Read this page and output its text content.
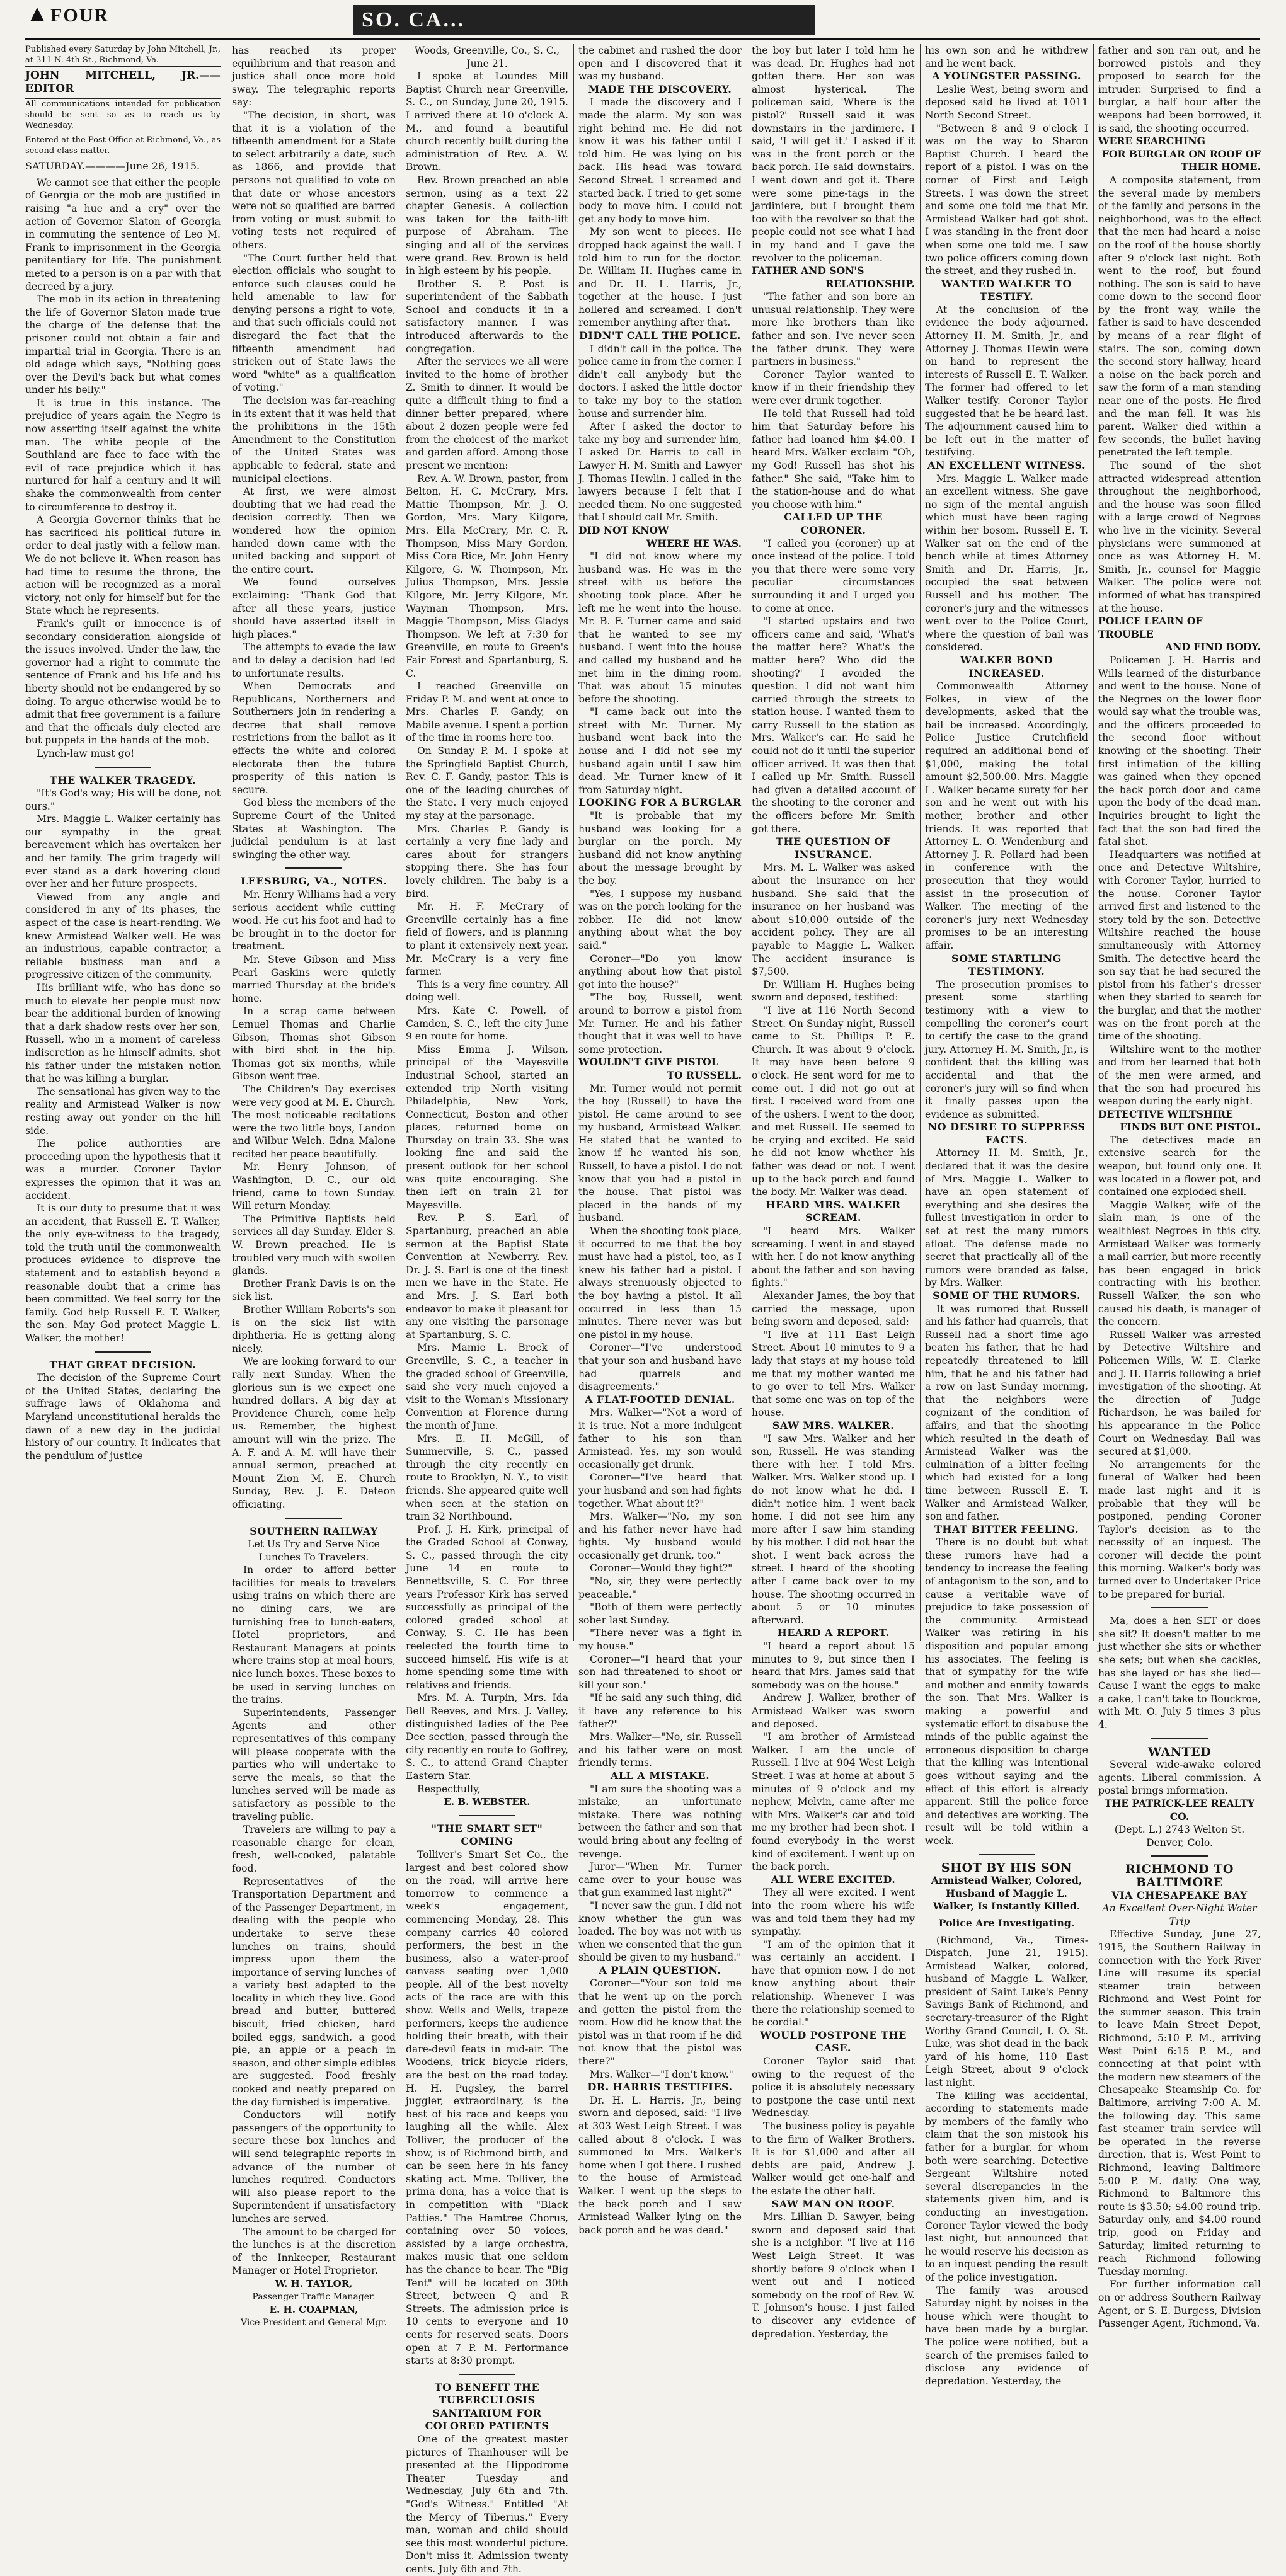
FOUR	SO. CA...

Published every Saturday by John Mitchell, Jr., at 311 N. 4th St., Richmond, Va.

JOHN MITCHELL, JR.——EDITOR

All communications intended for publication should be sent so as to reach us by Wednesday.

Entered at the Post Office at Richmond, Va., as second-class matter.

SATURDAY.————June 26, 1915.

We cannot see that either the people of Georgia or the mob are justified in raising "a hue and a cry" over the action of Governor Slaton of Georgia in commuting the sentence of Leo M. Frank to imprisonment in the Georgia penitentiary for life. The punishment meted to a person is on a par with that decreed by a jury.

The mob in its action in threatening the life of Governor Slaton made true the charge of the defense that the prisoner could not obtain a fair and impartial trial in Georgia. There is an old adage which says, "Nothing goes over the Devil's back but what comes under his belly."

It is true in this instance. The prejudice of years again the Negro is now asserting itself against the white man. The white people of the Southland are face to face with the evil of race prejudice which it has nurtured for half a century and it will shake the commonwealth from center to circumference to destroy it.

A Georgia Governor thinks that he has sacrificed his political future in order to deal justly with a fellow man. We do not believe it. When reason has had time to resume the throne, the action will be recognized as a moral victory, not only for himself but for the State which he represents.

Frank's guilt or innocence is of secondary consideration alongside of the issues involved. Under the law, the governor had a right to commute the sentence of Frank and his life and his liberty should not be endangered by so doing. To argue otherwise would be to admit that free government is a failure and that the officials duly elected are but puppets in the hands of the mob.

Lynch-law must go!

THE WALKER TRAGEDY.

"It's God's way; His will be done, not ours."

Mrs. Maggie L. Walker certainly has our sympathy in the great bereavement which has overtaken her and her family. The grim tragedy will ever stand as a dark hovering cloud over her and her future prospects.

Viewed from any angle and considered in any of its phases, the aspect of the case is heart-rending. We knew Armistead Walker well. He was an industrious, capable contractor, a reliable business man and a progressive citizen of the community.

His brilliant wife, who has done so much to elevate her people must now bear the additional burden of knowing that a dark shadow rests over her son, Russell, who in a moment of careless indiscretion as he himself admits, shot his father under the mistaken notion that he was killing a burglar.

The sensational has given way to the reality and Armistead Walker is now resting away out yonder on the hill side.

The police authorities are proceeding upon the hypothesis that it was a murder. Coroner Taylor expresses the opinion that it was an accident.

It is our duty to presume that it was an accident, that Russell E. T. Walker, the only eye-witness to the tragedy, told the truth until the commonwealth produces evidence to disprove the statement and to establish beyond a reasonable doubt that a crime has been committed. We feel sorry for the family. God help Russell E. T. Walker, the son. May God protect Maggie L. Walker, the mother!

THAT GREAT DECISION.

The decision of the Supreme Court of the United States, declaring the suffrage laws of Oklahoma and Maryland unconstitutional heralds the dawn of a new day in the judicial history of our country. It indicates that the pendulum of justice

has reached its proper equilibrium and that reason and justice shall once more hold sway. The telegraphic reports say:

"The decision, in short, was that it is a violation of the fifteenth amendment for a State to select arbitrarily a date, such as 1866, and provide that persons not qualified to vote on that date or whose ancestors were not so qualified are barred from voting or must submit to voting tests not required of others.

"The Court further held that election officials who sought to enforce such clauses could be held amenable to law for denying persons a right to vote, and that such officials could not disregard the fact that the fifteenth amendment had stricken out of State laws the word "white" as a qualification of voting."

The decision was far-reaching in its extent that it was held that the prohibitions in the 15th Amendment to the Constitution of the United States was applicable to federal, state and municipal elections.

At first, we were almost doubting that we had read the decision correctly. Then we wondered how the opinion handed down came with the united backing and support of the entire court.

We found ourselves exclaiming: "Thank God that after all these years, justice should have asserted itself in high places."

The attempts to evade the law and to delay a decision had led to unfortunate results.

When Democrats and Republicans, Northerners and Southerners join in rendering a decree that shall remove restrictions from the ballot as it effects the white and colored electorate then the future prosperity of this nation is secure.

God bless the members of the Supreme Court of the United States at Washington. The judicial pendulum is at last swinging the other way.

LEESBURG, VA., NOTES.

Mr. Henry Williams had a very serious accident while cutting wood. He cut his foot and had to be brought in to the doctor for treatment.

Mr. Steve Gibson and Miss Pearl Gaskins were quietly married Thursday at the bride's home.

In a scrap came between Lemuel Thomas and Charlie Gibson, Thomas shot Gibson with bird shot in the hip. Thomas got six months, while Gibson went free.

The Children's Day exercises were very good at M. E. Church. The most noticeable recitations were the two little boys, Landon and Wilbur Welch. Edna Malone recited her peace beautifully.

Mr. Henry Johnson, of Washington, D. C., our old friend, came to town Sunday. Will return Monday.

The Primitive Baptists held services all day Sunday. Elder S. W. Brown preached. He is troubled very much with swollen glands.

Brother Frank Davis is on the sick list.

Brother William Roberts's son is on the sick list with diphtheria. He is getting along nicely.

We are looking forward to our rally next Sunday. When the glorious sun is we expect one hundred dollars. A big day at Providence Church, come help us. Remember, the highest amount will win the prize. The A. F. and A. M. will have their annual sermon, preached at Mount Zion M. E. Church Sunday, Rev. J. E. Deteon officiating.

SOUTHERN RAILWAY

Let Us Try and Serve Nice Lunches To Travelers.

In order to afford better facilities for meals to travelers using trains on which there are no dining cars, we are furnishing free to lunch-eaters, Hotel proprietors, and Restaurant Managers at points where trains stop at meal hours, nice lunch boxes. These boxes to be used in serving lunches on the trains.

Superintendents, Passenger Agents and other representatives of this company will please cooperate with the parties who will undertake to serve the meals, so that the lunches served will be made as satisfactory as possible to the traveling public.

Travelers are willing to pay a reasonable charge for clean, fresh, well-cooked, palatable food.

Representatives of the Transportation Department and of the Passenger Department, in dealing with the people who undertake to serve these lunches on trains, should impress upon them the importance of serving lunches of a variety best adapted to the locality in which they live. Good bread and butter, buttered biscuit, fried chicken, hard boiled eggs, sandwich, a good pie, an apple or a peach in season, and other simple edibles are suggested. Food freshly cooked and neatly prepared on the day furnished is imperative.

Conductors will notify passengers of the opportunity to secure these box lunches and will send telegraphic reports in advance of the number of lunches required. Conductors will also please report to the Superintendent if unsatisfactory lunches are served.

The amount to be charged for the lunches is at the discretion of the Innkeeper, Restaurant Manager or Hotel Proprietor.

W. H. TAYLOR,

Passenger Traffic Manager.

E. H. COAPMAN,

Vice-President and General Mgr.

Woods, Greenville, Co., S. C., June 21.

I spoke at Loundes Mill Baptist Church near Greenville, S. C., on Sunday, June 20, 1915. I arrived there at 10 o'clock A. M., and found a beautiful church recently built during the administration of Rev. A. W. Brown.

Rev. Brown preached an able sermon, using as a text 22 chapter Genesis. A collection was taken for the faith-lift purpose of Abraham. The singing and all of the services were grand. Rev. Brown is held in high esteem by his people.

Brother S. P. Post is superintendent of the Sabbath School and conducts it in a satisfactory manner. I was introduced afterwards to the congregation.

After the services we all were invited to the home of brother Z. Smith to dinner. It would be quite a difficult thing to find a dinner better prepared, where about 2 dozen people were fed from the choicest of the market and garden afford. Among those present we mention:

Rev. A. W. Brown, pastor, from Belton, H. C. McCrary, Mrs. Mattie Thompson, Mr. J. O. Gordon, Mrs. Mary Kilgore, Mrs. Ella McCrary, Mr. C. R. Thompson, Miss Mary Gordon, Miss Cora Rice, Mr. John Henry Kilgore, G. W. Thompson, Mr. Julius Thompson, Mrs. Jessie Kilgore, Mr. Jerry Kilgore, Mr. Wayman Thompson, Mrs. Maggie Thompson, Miss Gladys Thompson. We left at 7:30 for Greenville, en route to Green's Fair Forest and Spartanburg, S. C.

I reached Greenville on Friday P. M. and went at once to Mrs. Charles F. Gandy, on Mabile avenue. I spent a portion of the time in rooms here too.

On Sunday P. M. I spoke at the Springfield Baptist Church, Rev. C. F. Gandy, pastor. This is one of the leading churches of the State. I very much enjoyed my stay at the parsonage.

Mrs. Charles P. Gandy is certainly a very fine lady and cares about for strangers stopping there. She has four lovely children. The baby is a bird.

Mr. H. F. McCrary of Greenville certainly has a fine field of flowers, and is planning to plant it extensively next year. Mr. McCrary is a very fine farmer.

This is a very fine country. All doing well.

Mrs. Kate C. Powell, of Camden, S. C., left the city June 9 en route for home.

Miss Emma J. Wilson, principal of the Mayesville Industrial School, started an extended trip North visiting Philadelphia, New York, Connecticut, Boston and other places, returned home on Thursday on train 33. She was looking fine and said the present outlook for her school was quite encouraging. She then left on train 21 for Mayesville.

Rev. P. S. Earl, of Spartanburg, preached an able sermon at the Baptist State Convention at Newberry. Rev. Dr. J. S. Earl is one of the finest men we have in the State. He and Mrs. J. S. Earl both endeavor to make it pleasant for any one visiting the parsonage at Spartanburg, S. C.

Mrs. Mamie L. Brock of Greenville, S. C., a teacher in the graded school of Greenville, said she very much enjoyed a visit to the Woman's Missionary Convention at Florence during the month of June.

Mrs. E. H. McGill, of Summerville, S. C., passed through the city recently en route to Brooklyn, N. Y., to visit friends. She appeared quite well when seen at the station on train 32 Northbound.

Prof. J. H. Kirk, principal of the Graded School at Conway, S. C., passed through the city June 14 en route to Bennettsville, S. C. For three years Professor Kirk has served successfully as principal of the colored graded school at Conway, S. C. He has been reelected the fourth time to succeed himself. His wife is at home spending some time with relatives and friends.

Mrs. M. A. Turpin, Mrs. Ida Bell Reeves, and Mrs. J. Valley, distinguished ladies of the Pee Dee section, passed through the city recently en route to Goffrey, S. C., to attend Grand Chapter Eastern Star.

Respectfully,

E. B. WEBSTER.

"THE SMART SET" COMING

Tolliver's Smart Set Co., the largest and best colored show on the road, will arrive here tomorrow to commence a week's engagement, commencing Monday, 28. This company carries 40 colored performers, the best in the business, also a water-proof canvass seating over 1,000 people. All of the best novelty acts of the race are with this show. Wells and Wells, trapeze performers, keeps the audience holding their breath, with their dare-devil feats in mid-air. The Woodens, trick bicycle riders, are the best on the road today. H. H. Pugsley, the barrel juggler, extraordinary, is the best of his race and keeps you laughing all the while. Alex Tolliver, the producer of the show, is of Richmond birth, and can be seen here in his fancy skating act. Mme. Tolliver, the prima dona, has a voice that is in competition with "Black Patties." The Hamtree Chorus, containing over 50 voices, assisted by a large orchestra, makes music that one seldom has the chance to hear. The "Big Tent" will be located on 30th Street, between Q and R Streets. The admission price is 10 cents to everyone and 10 cents for reserved seats. Doors open at 7 P. M. Performance starts at 8:30 prompt.

TO BENEFIT THE TUBERCULOSIS SANITARIUM FOR COLORED PATIENTS

One of the greatest master pictures of Thanhouser will be presented at the Hippodrome Theater Tuesday and Wednesday, July 6th and 7th. "God's Witness." Entitled "At the Mercy of Tiberius." Every man, woman and child should see this most wonderful picture. Don't miss it. Admission twenty cents. July 6th and 7th.

the cabinet and rushed the door open and I discovered that it was my husband.

MADE THE DISCOVERY.

I made the discovery and I made the alarm. My son was right behind me. He did not know it was his father until I told him. He was lying on his back. His head was toward Second Street. I screamed and started back. I tried to get some body to move him. I could not get any body to move him.

My son went to pieces. He dropped back against the wall. I told him to run for the doctor. Dr. William H. Hughes came in and Dr. H. L. Harris, Jr., together at the house. I just hollered and screamed. I don't remember anything after that.

DIDN'T CALL THE POLICE.

I didn't call in the police. The police came in from the corner. I didn't call anybody but the doctors. I asked the little doctor to take my boy to the station house and surrender him.

After I asked the doctor to take my boy and surrender him, I asked Dr. Harris to call in Lawyer H. M. Smith and Lawyer J. Thomas Hewlin. I called in the lawyers because I felt that I needed them. No one suggested that I should call Mr. Smith.

DID NOT KNOW

WHERE HE WAS.

"I did not know where my husband was. He was in the street with us before the shooting took place. After he left me he went into the house. Mr. B. F. Turner came and said that he wanted to see my husband. I went into the house and called my husband and he met him in the dining room. That was about 15 minutes before the shooting.

"I came back out into the street with Mr. Turner. My husband went back into the house and I did not see my husband again until I saw him dead. Mr. Turner knew of it from Saturday night.

LOOKING FOR A BURGLAR

"It is probable that my husband was looking for a burglar on the porch. My husband did not know anything about the message brought by the boy.

"Yes, I suppose my husband was on the porch looking for the robber. He did not know anything about what the boy said."

Coroner—"Do you know anything about how that pistol got into the house?"

"The boy, Russell, went around to borrow a pistol from Mr. Turner. He and his father thought that it was well to have some protection.

WOULDN'T GIVE PISTOL

TO RUSSELL.

Mr. Turner would not permit the boy (Russell) to have the pistol. He came around to see my husband, Armistead Walker. He stated that he wanted to know if he wanted his son, Russell, to have a pistol. I do not know that you had a pistol in the house. That pistol was placed in the hands of my husband.

When the shooting took place, it occurred to me that the boy must have had a pistol, too, as I knew his father had a pistol. I always strenuously objected to the boy having a pistol. It all occurred in less than 15 minutes. There never was but one pistol in my house.

Coroner—"I've understood that your son and husband have had quarrels and disagreements."

A FLAT-FOOTED DENIAL.

Mrs. Walker—"Not a word of it is true. Not a more indulgent father to his son than Armistead. Yes, my son would occasionally get drunk.

Coroner—"I've heard that your husband and son had fights together. What about it?"

Mrs. Walker—"No, my son and his father never have had fights. My husband would occasionally get drunk, too."

Coroner—Would they fight?"

"No, sir, they were perfectly peaceable."

"Both of them were perfectly sober last Sunday.

"There never was a fight in my house."

Coroner—"I heard that your son had threatened to shoot or kill your son."

"If he said any such thing, did it have any reference to his father?"

Mrs. Walker—"No, sir. Russell and his father were on most friendly terms.

ALL A MISTAKE.

"I am sure the shooting was a mistake, an unfortunate mistake. There was nothing between the father and son that would bring about any feeling of revenge.

Juror—"When Mr. Turner came over to your house was that gun examined last night?"

"I never saw the gun. I did not know whether the gun was loaded. The boy was not with us when we consented that the gun should be given to my husband."

A PLAIN QUESTION.

Coroner—"Your son told me that he went up on the porch and gotten the pistol from the room. How did he know that the pistol was in that room if he did not know that the pistol was there?"

Mrs. Walker—"I don't know."

DR. HARRIS TESTIFIES.

Dr. H. L. Harris, Jr., being sworn and deposed, said: "I live at 303 West Leigh Street. I was called about 8 o'clock. I was summoned to Mrs. Walker's home when I got there. I rushed to the house of Armistead Walker. I went up the steps to the back porch and I saw Armistead Walker lying on the back porch and he was dead."

the boy but later I told him he was dead. Dr. Hughes had not gotten there. Her son was almost hysterical. The policeman said, 'Where is the pistol?' Russell said it was downstairs in the jardiniere. I said, 'I will get it.' I asked if it was in the front porch or the back porch. He said downstairs. I went down and got it. There were some pine-tags in the jardiniere, but I brought them too with the revolver so that the people could not see what I had in my hand and I gave the revolver to the policeman.

FATHER AND SON'S

RELATIONSHIP.

"The father and son bore an unusual relationship. They were more like brothers than like father and son. I've never seen the father drunk. They were partners in business."

Coroner Taylor wanted to know if in their friendship they were ever drunk together.

He told that Russell had told him that Saturday before his father had loaned him $4.00. I heard Mrs. Walker exclaim "Oh, my God! Russell has shot his father." She said, "Take him to the station-house and do what you choose with him."

CALLED UP THE CORONER.

"I called you (coroner) up at once instead of the police. I told you that there were some very peculiar circumstances surrounding it and I urged you to come at once.

"I started upstairs and two officers came and said, 'What's the matter here? What's the matter here? Who did the shooting?' I avoided the question. I did not want him carried through the streets to station house. I wanted them to carry Russell to the station as Mrs. Walker's car. He said he could not do it until the superior officer arrived. It was then that I called up Mr. Smith. Russell had given a detailed account of the shooting to the coroner and the officers before Mr. Smith got there.

THE QUESTION OF INSURANCE.

Mrs. M. L. Walker was asked about the insurance on her husband. She said that the insurance on her husband was about $10,000 outside of the accident policy. They are all payable to Maggie L. Walker. The accident insurance is $7,500.

Dr. William H. Hughes being sworn and deposed, testified:

"I live at 116 North Second Street. On Sunday night, Russell came to St. Phillips P. E. Church. It was about 9 o'clock. It may have been before 9 o'clock. He sent word for me to come out. I did not go out at first. I received word from one of the ushers. I went to the door, and met Russell. He seemed to be crying and excited. He said he did not know whether his father was dead or not. I went up to the back porch and found the body. Mr. Walker was dead.

HEARD MRS. WALKER SCREAM.

"I heard Mrs. Walker screaming. I went in and stayed with her. I do not know anything about the father and son having fights."

Alexander James, the boy that carried the message, upon being sworn and deposed, said:

"I live at 111 East Leigh Street. About 10 minutes to 9 a lady that stays at my house told me that my mother wanted me to go over to tell Mrs. Walker that some one was on top of the house.

SAW MRS. WALKER.

"I saw Mrs. Walker and her son, Russell. He was standing there with her. I told Mrs. Walker. Mrs. Walker stood up. I do not know what he did. I didn't notice him. I went back home. I did not see him any more after I saw him standing by his mother. I did not hear the shot. I went back across the street. I heard of the shooting after I came back over to my house. The shooting occurred in about 5 or 10 minutes afterward.

HEARD A REPORT.

"I heard a report about 15 minutes to 9, but since then I heard that Mrs. James said that somebody was on the house."

Andrew J. Walker, brother of Armistead Walker was sworn and deposed.

"I am brother of Armistead Walker. I am the uncle of Russell. I live at 904 West Leigh Street. I was at home at about 5 minutes of 9 o'clock and my nephew, Melvin, came after me with Mrs. Walker's car and told me my brother had been shot. I found everybody in the worst kind of excitement. I went up on the back porch.

ALL WERE EXCITED.

They all were excited. I went into the room where his wife was and told them they had my sympathy.

"I am of the opinion that it was certainly an accident. I have that opinion now. I do not know anything about their relationship. Whenever I was there the relationship seemed to be cordial."

WOULD POSTPONE THE CASE.

Coroner Taylor said that owing to the request of the police it is absolutely necessary to postpone the case until next Wednesday.

The business policy is payable to the firm of Walker Brothers. It is for $1,000 and after all debts are paid, Andrew J. Walker would get one-half and the estate the other half.

SAW MAN ON ROOF.

Mrs. Lillian D. Sawyer, being sworn and deposed said that she is a neighbor. "I live at 116 West Leigh Street. It was shortly before 9 o'clock when I went out and I noticed somebody on the roof of Rev. W. T. Johnson's house. I just failed to discover any evidence of depredation. Yesterday, the

his own son and he withdrew and he went back.

A YOUNGSTER PASSING.

Leslie West, being sworn and deposed said he lived at 1011 North Second Street.

"Between 8 and 9 o'clock I was on the way to Sharon Baptist Church. I heard the report of a pistol. I was on the corner of First and Leigh Streets. I was down the street and some one told me that Mr. Armistead Walker had got shot. I was standing in the front door when some one told me. I saw two police officers coming down the street, and they rushed in.

WANTED WALKER TO TESTIFY.

At the conclusion of the evidence the body adjourned. Attorney H. M. Smith, Jr., and Attorney J. Thomas Hewin were on hand to represent the interests of Russell E. T. Walker. The former had offered to let Walker testify. Coroner Taylor suggested that he be heard last. The adjournment caused him to be left out in the matter of testifying.

AN EXCELLENT WITNESS.

Mrs. Maggie L. Walker made an excellent witness. She gave no sign of the mental anguish which must have been raging within her bosom. Russell E. T. Walker sat on the end of the bench while at times Attorney Smith and Dr. Harris, Jr., occupied the seat between Russell and his mother. The coroner's jury and the witnesses went over to the Police Court, where the question of bail was considered.

WALKER BOND INCREASED.

Commonwealth Attorney Folkes, in view of the developments, asked that the bail be increased. Accordingly, Police Justice Crutchfield required an additional bond of $1,000, making the total amount $2,500.00. Mrs. Maggie L. Walker became surety for her son and he went out with his mother, brother and other friends. It was reported that Attorney L. O. Wendenburg and Attorney J. R. Pollard had been in conference with the prosecution that they would assist in the prosecution of Walker. The meeting of the coroner's jury next Wednesday promises to be an interesting affair.

SOME STARTLING TESTIMONY.

The prosecution promises to present some startling testimony with a view to compelling the coroner's court to certify the case to the grand jury. Attorney H. M. Smith, Jr., is confident that the killing was accidental and that the coroner's jury will so find when it finally passes upon the evidence as submitted.

NO DESIRE TO SUPPRESS FACTS.

Attorney H. M. Smith, Jr., declared that it was the desire of Mrs. Maggie L. Walker to have an open statement of everything and she desires the fullest investigation in order to set at rest the many rumors afloat. The defense made no secret that practically all of the rumors were branded as false, by Mrs. Walker.

SOME OF THE RUMORS.

It was rumored that Russell and his father had quarrels, that Russell had a short time ago beaten his father, that he had repeatedly threatened to kill him, that he and his father had a row on last Sunday morning, that the neighbors were cognizant of the condition of affairs, and that the shooting which resulted in the death of Armistead Walker was the culmination of a bitter feeling which had existed for a long time between Russell E. T. Walker and Armistead Walker, son and father.

THAT BITTER FEELING.

There is no doubt but what these rumors have had a tendency to increase the feeling of antagonism to the son, and to cause a veritable wave of prejudice to take possession of the community. Armistead Walker was retiring in his disposition and popular among his associates. The feeling is that of sympathy for the wife and mother and enmity towards the son. That Mrs. Walker is making a powerful and systematic effort to disabuse the minds of the public against the erroneous disposition to charge that the killing was intentional goes without saying and the effect of this effort is already apparent. Still the police force and detectives are working. The result will be told within a week.

SHOT BY HIS SON

Armistead Walker, Colored, Husband of Maggie L. Walker, Is Instantly Killed.

Police Are Investigating.

(Richmond, Va., Times-Dispatch, June 21, 1915). Armistead Walker, colored, husband of Maggie L. Walker, president of Saint Luke's Penny Savings Bank of Richmond, and secretary-treasurer of the Right Worthy Grand Council, I. O. St. Luke, was shot dead in the back yard of his home, 110 East Leigh Street, about 9 o'clock last night.

The killing was accidental, according to statements made by members of the family who claim that the son mistook his father for a burglar, for whom both were searching. Detective Sergeant Wiltshire noted several discrepancies in the statements given him, and is conducting an investigation. Coroner Taylor viewed the body last night, but announced that he would reserve his decision as to an inquest pending the result of the police investigation.

The family was aroused Saturday night by noises in the house which were thought to have been made by a burglar. The police were notified, but a search of the premises failed to disclose any evidence of depredation. Yesterday, the

father and son ran out, and he borrowed pistols and they proposed to search for the intruder. Surprised to find a burglar, a half hour after the weapons had been borrowed, it is said, the shooting occurred.

WERE SEARCHING

FOR BURGLAR ON ROOF OF THEIR HOME.

A composite statement, from the several made by members of the family and persons in the neighborhood, was to the effect that the men had heard a noise on the roof of the house shortly after 9 o'clock last night. Both went to the roof, but found nothing. The son is said to have come down to the second floor by the front way, while the father is said to have descended by means of a rear flight of stairs. The son, coming down the second story hallway, heard a noise on the back porch and saw the form of a man standing near one of the posts. He fired and the man fell. It was his parent. Walker died within a few seconds, the bullet having penetrated the left temple.

The sound of the shot attracted widespread attention throughout the neighborhood, and the house was soon filled with a large crowd of Negroes who live in the vicinity. Several physicians were summoned at once as was Attorney H. M. Smith, Jr., counsel for Maggie Walker. The police were not informed of what has transpired at the house.

POLICE LEARN OF TROUBLE

AND FIND BODY.

Policemen J. H. Harris and Wills learned of the disturbance and went to the house. None of the Negroes on the lower floor would say what the trouble was, and the officers proceeded to the second floor without knowing of the shooting. Their first intimation of the killing was gained when they opened the back porch door and came upon the body of the dead man. Inquiries brought to light the fact that the son had fired the fatal shot.

Headquarters was notified at once and Detective Wiltshire, with Coroner Taylor, hurried to the house. Coroner Taylor arrived first and listened to the story told by the son. Detective Wiltshire reached the house simultaneously with Attorney Smith. The detective heard the son say that he had secured the pistol from his father's dresser when they started to search for the burglar, and that the mother was on the front porch at the time of the shooting.

Wiltshire went to the mother and from her learned that both of the men were armed, and that the son had procured his weapon during the early night.

DETECTIVE WILTSHIRE

FINDS BUT ONE PISTOL.

The detectives made an extensive search for the weapon, but found only one. It was located in a flower pot, and contained one exploded shell.

Maggie Walker, wife of the slain man, is one of the wealthiest Negroes in this city. Armistead Walker was formerly a mail carrier, but more recently has been engaged in brick contracting with his brother. Russell Walker, the son who caused his death, is manager of the concern.

Russell Walker was arrested by Detective Wiltshire and Policemen Wills, W. E. Clarke and J. H. Harris following a brief investigation of the shooting. At the direction of Judge Richardson, he was bailed for his appearance in the Police Court on Wednesday. Bail was secured at $1,000.

No arrangements for the funeral of Walker had been made last night and it is probable that they will be postponed, pending Coroner Taylor's decision as to the necessity of an inquest. The coroner will decide the point this morning. Walker's body was turned over to Undertaker Price to be prepared for burial.

Ma, does a hen SET or does she sit? It doesn't matter to me just whether she sits or whether she sets; but when she cackles, has she layed or has she lied—Cause I want the eggs to make a cake, I can't take to Bouckroe, with Mt. O. July 5 times 3 plus 4.

WANTED

Several wide-awake colored agents. Liberal commission. A postal brings information.

THE PATRICK-LEE REALTY CO.

(Dept. L.) 2743 Welton St. Denver, Colo.

RICHMOND TO BALTIMORE

VIA CHESAPEAKE BAY

An Excellent Over-Night Water Trip

Effective Sunday, June 27, 1915, the Southern Railway in connection with the York River Line will resume its special steamer train between Richmond and West Point for the summer season. This train to leave Main Street Depot, Richmond, 5:10 P. M., arriving West Point 6:15 P. M., and connecting at that point with the modern new steamers of the Chesapeake Steamship Co. for Baltimore, arriving 7:00 A. M. the following day. This same fast steamer train service will be operated in the reverse direction, that is, West Point to Richmond, leaving Baltimore 5:00 P. M. daily. One way, Richmond to Baltimore this route is $3.50; $4.00 round trip. Saturday only, and $4.00 round trip, good on Friday and Saturday, limited returning to reach Richmond following Tuesday morning.

For further information call on or address Southern Railway Agent, or S. E. Burgess, Division Passenger Agent, Richmond, Va.
